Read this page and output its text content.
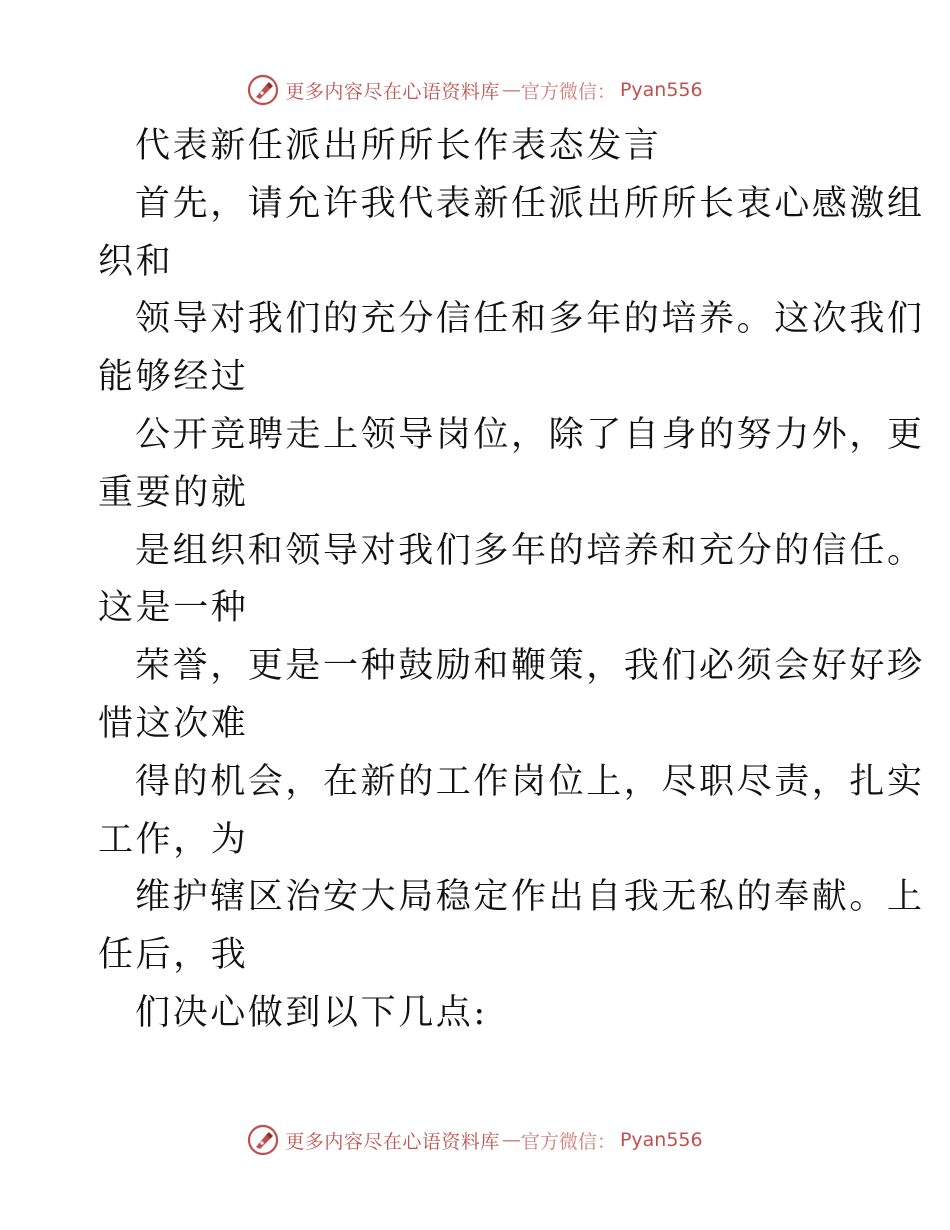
更多内容尽在心语资料库 — 官方微信： Pyan556
代表新任派出所所长作表态发言
首先，请允许我代表新任派出所所长衷心感激组
织和
领导对我们的充分信任和多年的培养。这次我们
能够经过
公开竞聘走上领导岗位，除了自身的努力外，更
重要的就
是组织和领导对我们多年的培养和充分的信任。
这是一种
荣誉，更是一种鼓励和鞭策，我们必须会好好珍
惜这次难
得的机会，在新的工作岗位上，尽职尽责，扎实
工作，为
维护辖区治安大局稳定作出自我无私的奉献。上
任后，我
们决心做到以下几点:
更多内容尽在心语资料库 — 官方微信： Pyan556
